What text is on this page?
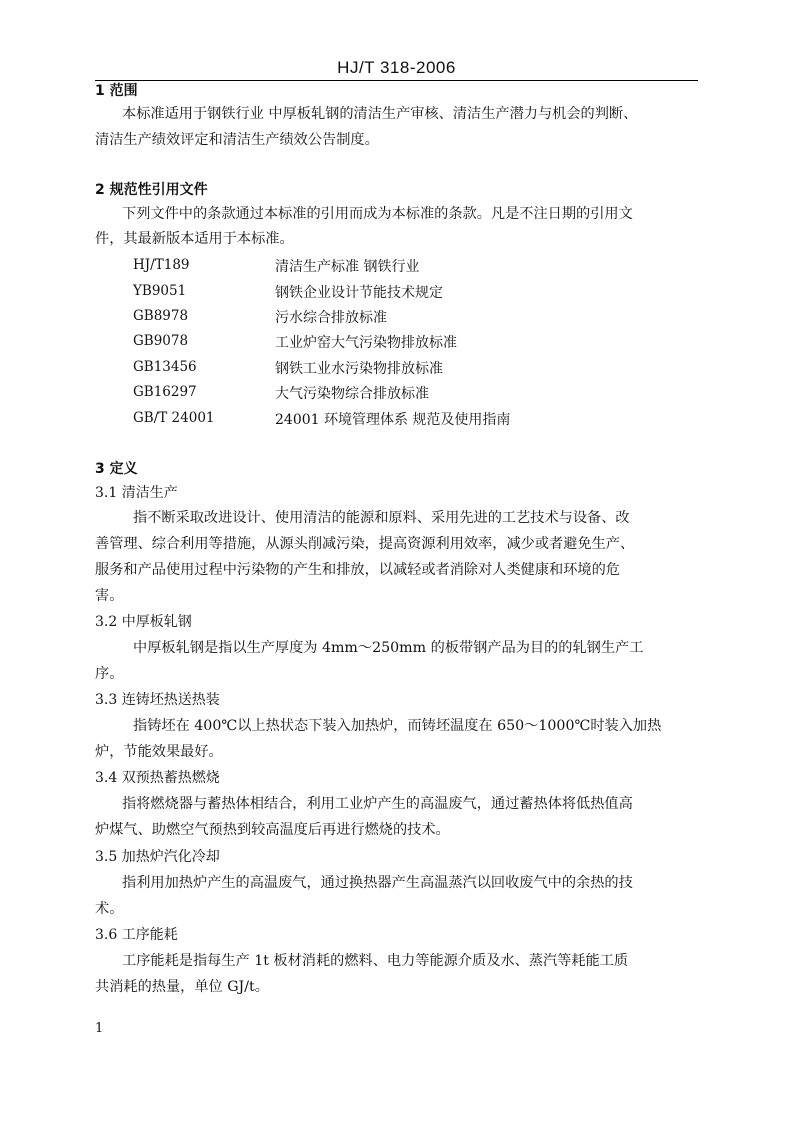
HJ/T 318-2006
1 范围
本标准适用于钢铁行业 中厚板轧钢的清洁生产审核、清洁生产潜力与机会的判断、
清洁生产绩效评定和清洁生产绩效公告制度。
2 规范性引用文件
下列文件中的条款通过本标准的引用而成为本标准的条款。凡是不注日期的引用文
件，其最新版本适用于本标准。
HJ/T189	清洁生产标准 钢铁行业
YB9051	钢铁企业设计节能技术规定
GB8978	污水综合排放标准
GB9078	工业炉窑大气污染物排放标准
GB13456	钢铁工业水污染物排放标准
GB16297	大气污染物综合排放标准
GB/T 24001	24001 环境管理体系 规范及使用指南
3 定义
3.1 清洁生产
指不断采取改进设计、使用清洁的能源和原料、采用先进的工艺技术与设备、改
善管理、综合利用等措施，从源头削减污染，提高资源利用效率，减少或者避免生产、
服务和产品使用过程中污染物的产生和排放，以减轻或者消除对人类健康和环境的危
害。
3.2 中厚板轧钢
中厚板轧钢是指以生产厚度为 4mm～250mm 的板带钢产品为目的的轧钢生产工
序。
3.3 连铸坯热送热装
指铸坯在 400℃以上热状态下装入加热炉，而铸坯温度在 650～1000℃时装入加热
炉，节能效果最好。
3.4 双预热蓄热燃烧
指将燃烧器与蓄热体相结合，利用工业炉产生的高温废气，通过蓄热体将低热值高
炉煤气、助燃空气预热到较高温度后再进行燃烧的技术。
3.5 加热炉汽化冷却
指利用加热炉产生的高温废气，通过换热器产生高温蒸汽以回收废气中的余热的技
术。
3.6 工序能耗
工序能耗是指每生产 1t 板材消耗的燃料、电力等能源介质及水、蒸汽等耗能工质
共消耗的热量，单位 GJ/t。
1
